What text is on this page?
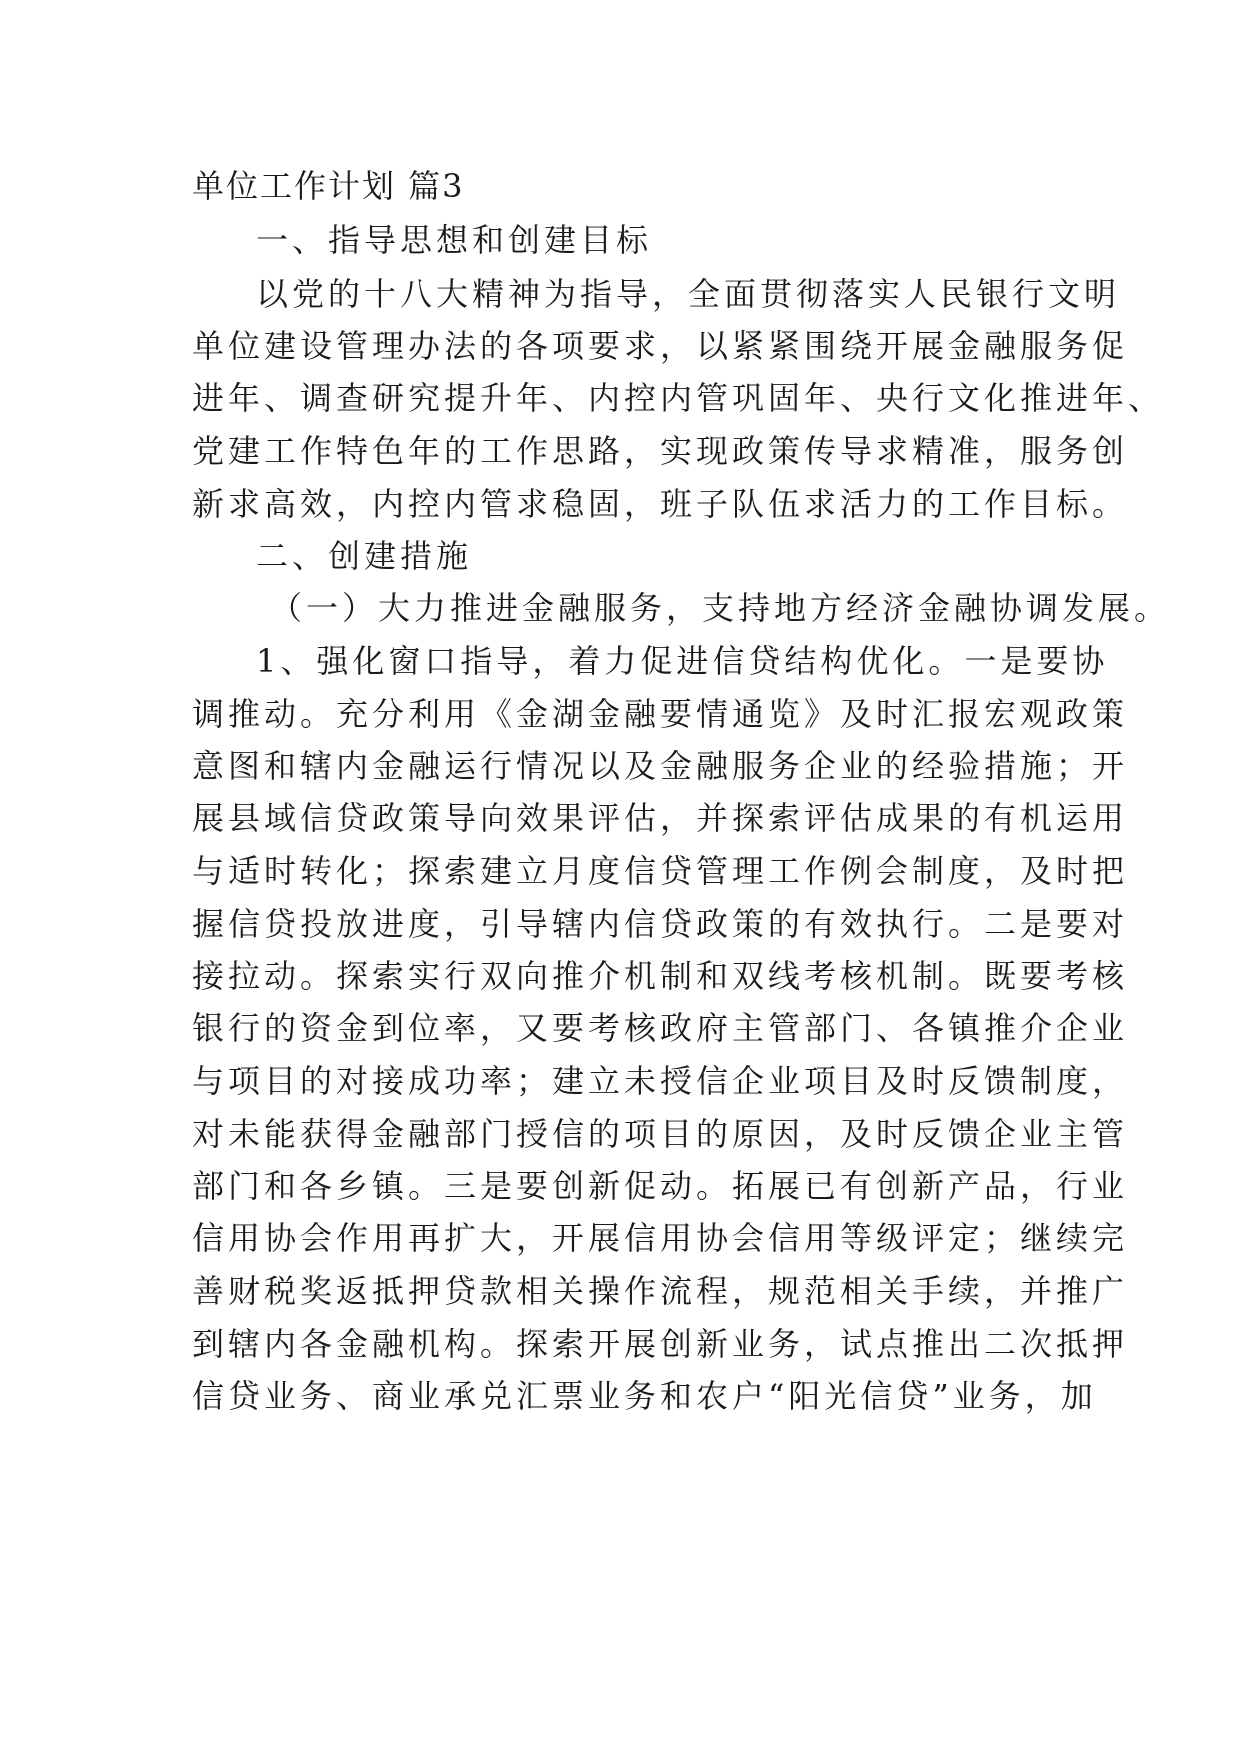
单位工作计划 篇3
一、指导思想和创建目标
以党的十八大精神为指导，全面贯彻落实人民银行文明
单位建设管理办法的各项要求，以紧紧围绕开展金融服务促
进年、调查研究提升年、内控内管巩固年、央行文化推进年、
党建工作特色年的工作思路，实现政策传导求精准，服务创
新求高效，内控内管求稳固，班子队伍求活力的工作目标。
二、创建措施
（一）大力推进金融服务，支持地方经济金融协调发展。
1、强化窗口指导，着力促进信贷结构优化。一是要协
调推动。充分利用《金湖金融要情通览》及时汇报宏观政策
意图和辖内金融运行情况以及金融服务企业的经验措施；开
展县域信贷政策导向效果评估，并探索评估成果的有机运用
与适时转化；探索建立月度信贷管理工作例会制度，及时把
握信贷投放进度，引导辖内信贷政策的有效执行。二是要对
接拉动。探索实行双向推介机制和双线考核机制。既要考核
银行的资金到位率，又要考核政府主管部门、各镇推介企业
与项目的对接成功率；建立未授信企业项目及时反馈制度，
对未能获得金融部门授信的项目的原因，及时反馈企业主管
部门和各乡镇。三是要创新促动。拓展已有创新产品，行业
信用协会作用再扩大，开展信用协会信用等级评定；继续完
善财税奖返抵押贷款相关操作流程，规范相关手续，并推广
到辖内各金融机构。探索开展创新业务，试点推出二次抵押
信贷业务、商业承兑汇票业务和农户“阳光信贷”业务，加
